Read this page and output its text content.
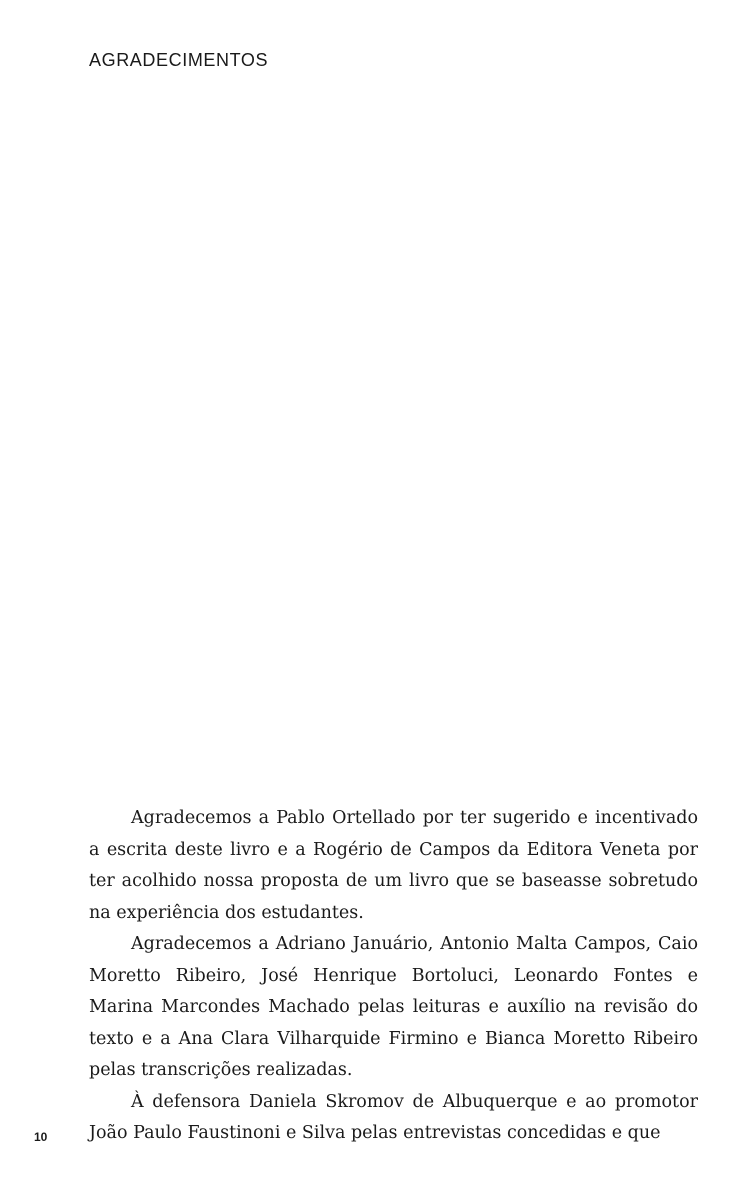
AGRADECIMENTOS

Agradecemos a Pablo Ortellado por ter sugerido e incentivado a escrita deste livro e a Rogério de Campos da Editora Veneta por ter acolhido nossa proposta de um livro que se baseasse sobretudo na experiência dos estudantes.

Agradecemos a Adriano Januário, Antonio Malta Campos, Caio Moretto Ribeiro, José Henrique Bortoluci, Leonardo Fontes e Marina Marcondes Machado pelas leituras e auxílio na revisão do texto e a Ana Clara Vilharquide Firmino e Bianca Moretto Ribeiro pelas transcrições realizadas.

À defensora Daniela Skromov de Albuquerque e ao promotor João Paulo Faustinoni e Silva pelas entrevistas concedidas e que

10
